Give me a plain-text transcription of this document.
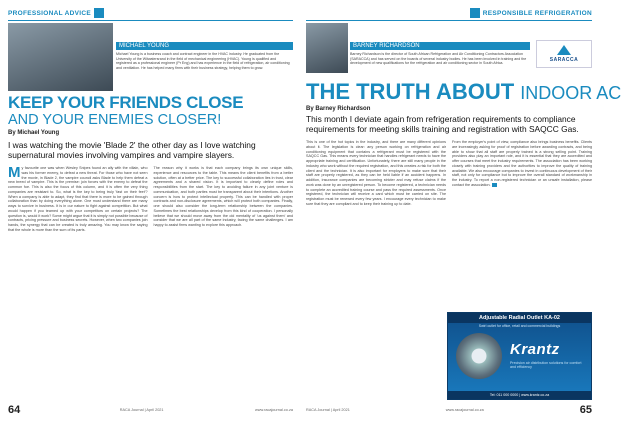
PROFESSIONAL ADVICE
MICHAEL YOUNG
Michael Young is a business coach and contract engineer in the HVAC industry. He graduated from the University of the Witwatersrand in the field of mechanical engineering (HVAC). Young is qualified and registered as a professional engineer (Pr Eng) and has experience in the field of refrigeration, air conditioning and ventilation. He has helped many firms with their business strategy, helping them to grow.
KEEP YOUR FRIENDS CLOSE
AND YOUR ENEMIES CLOSER!
By Michael Young
I was watching the movie 'Blade 2' the other day as I love watching supernatural movies involving vampires and vampire slayers.
M y favourite one was when Wesley Snipes found an ally with the villain, who was his former enemy, to defeat a new threat. For those who have not seen the movie, in Blade 2, the vampire council asks Blade to help them defeat a new breed of vampire. This is the premise: join forces with the enemy to defeat the common foe. This is also the focus of this column, and it is often the very thing companies are resistant to. So, what is the key to being truly 'fast on their feet'? When a company is able to adapt, they find that there is more to be gained through collaboration than by doing everything alone. One must understand there are many ways to survive in business. It is in our nature to fight against competition. But what would happen if you teamed up with your competitors on certain projects? The question is, would it work? Some might argue that it is simply not possible because of contracts, pricing pressure and business secrets. However, when two companies join hands, the synergy that can be created is truly amazing. You may know the saying that the whole is more than the sum of its parts.
The reason why it works is that each company brings its own unique skills, experience and resources to the table. This means the client benefits from a better solution, often at a better price. The key to successful collaboration lies in trust, clear agreements and a shared vision. It is important to clearly define roles and responsibilities from the start. The key to avoiding failure in any joint venture is communication, and both parties must be transparent about their intentions. Another concern is how to protect intellectual property. This can be handled with proper contracts and non-disclosure agreements, which will protect both companies. Finally, one should also consider the long-term relationship between the companies. Sometimes the best relationships develop from this kind of cooperation. I personally believe that we should move away from the old mentality of 'us against them' and consider that we are all part of the same industry, facing the same challenges. I am happy to assist firms wanting to explore this approach.
64	RACA Journal | April 2021	www.racajournal.co.za
RESPONSIBLE REFRIGERATION
BARNEY RICHARDSON
Barney Richardson is the director of South African Refrigeration and Air Conditioning Contractors Association (SARACCA) and has served on the boards of several industry bodies. He has been involved in training and the development of new qualifications for the refrigeration and air conditioning sector in South Africa.
SARACCA
THE TRUTH ABOUT INDOOR AC
By Barney Richardson
This month I deviate again from refrigeration requirements to compliance requirements for meeting skills training and registration with SAQCC Gas.
This is one of the hot topics in the industry, and there are many different opinions about it. The legislation is clear: any person working on refrigeration and air conditioning equipment that contains a refrigerant must be registered with the SAQCC Gas. This means every technician that handles refrigerant needs to have the appropriate training and certification. Unfortunately, there are still many people in the industry who work without the required registration, and this creates a risk for both the client and the technician. It is also important for employers to make sure that their staff are properly registered, as they can be held liable if an accident happens. In addition, insurance companies are becoming stricter and may refuse claims if the work was done by an unregistered person. To become registered, a technician needs to complete an accredited training course and pass the required assessments. Once registered, the technician will receive a card which must be carried on site. The registration must be renewed every few years. I encourage every technician to make sure that they are compliant and to keep their training up to date.
From the employer's point of view, compliance also brings business benefits. Clients are increasingly asking for proof of registration before awarding contracts, and being able to show that all staff are properly trained is a strong selling point. Training providers also play an important role, and it is essential that they are accredited and offer courses that meet the industry requirements. The association has been working closely with training providers and the authorities to improve the quality of training available. We also encourage companies to invest in continuous development of their staff, not only for compliance but to improve the overall standard of workmanship in the industry. To report a non-registered technician or an unsafe installation, please contact the association.
Adjustable Radial Outlet KA-02
Swirl outlet for office, retail and commercial buildings
Krantz
Precision air distribution solutions for comfort and efficiency
Tel: 011 000 0000 | www.krantz.co.za
RACA Journal | April 2021	www.racajournal.co.za	65
